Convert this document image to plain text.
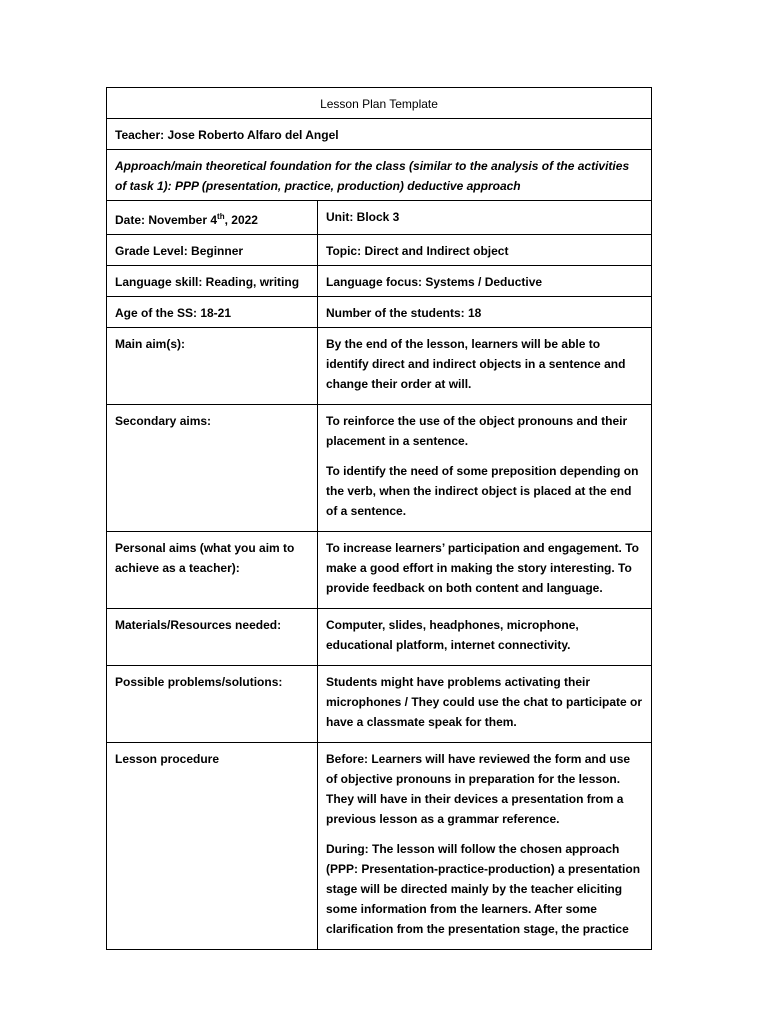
Lesson Plan Template	
Teacher: Jose Roberto Alfaro del Angel	
Approach/main theoretical foundation for the class (similar to the analysis of the activities of task 1): PPP (presentation, practice, production) deductive approach	
Date: November 4th, 2022	Unit: Block 3
Grade Level: Beginner	Topic: Direct and Indirect object
Language skill: Reading, writing	Language focus: Systems / Deductive
Age of the SS: 18-21	Number of the students: 18
Main aim(s):	By the end of the lesson, learners will be able to identify direct and indirect objects in a sentence and change their order at will.

Secondary aims:	To reinforce the use of the object pronouns and their placement in a sentence.

To identify the need of some preposition depending on the verb, when the indirect object is placed at the end of a sentence.

Personal aims (what you aim to achieve as a teacher):	To increase learners’ participation and engagement. To make a good effort in making the story interesting. To provide feedback on both content and language.

Materials/Resources needed:	Computer, slides, headphones, microphone, educational platform, internet connectivity.

Possible problems/solutions:	Students might have problems activating their microphones / They could use the chat to participate or have a classmate speak for them.

Lesson procedure	Before: Learners will have reviewed the form and use of objective pronouns in preparation for the lesson. They will have in their devices a presentation from a previous lesson as a grammar reference.

During: The lesson will follow the chosen approach (PPP: Presentation-practice-production) a presentation stage will be directed mainly by the teacher eliciting some information from the learners. After some clarification from the presentation stage, the practice
